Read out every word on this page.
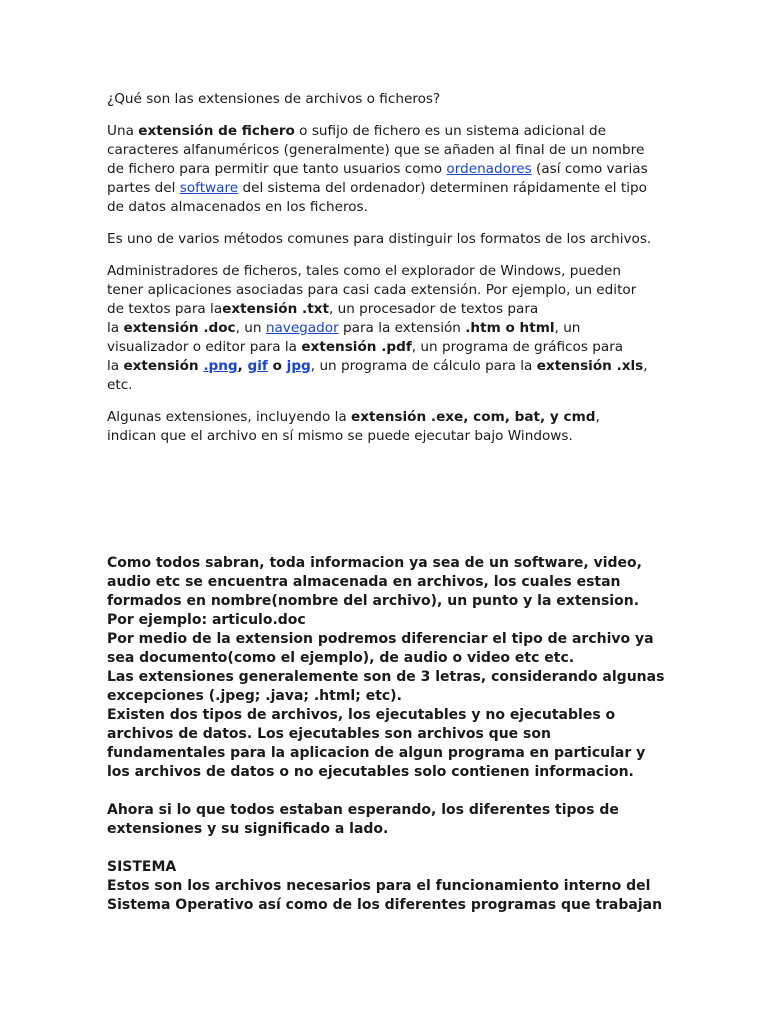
¿Qué son las extensiones de archivos o ficheros?

Una extensión de fichero o sufijo de fichero es un sistema adicional de
caracteres alfanuméricos (generalmente) que se añaden al final de un nombre
de fichero para permitir que tanto usuarios como ordenadores (así como varias
partes del software del sistema del ordenador) determinen rápidamente el tipo
de datos almacenados en los ficheros.

Es uno de varios métodos comunes para distinguir los formatos de los archivos.

Administradores de ficheros, tales como el explorador de Windows, pueden
tener aplicaciones asociadas para casi cada extensión. Por ejemplo, un editor
de textos para laextensión .txt, un procesador de textos para
la extensión .doc, un navegador para la extensión .htm o html, un
visualizador o editor para la extensión .pdf, un programa de gráficos para
la extensión .png, gif o jpg, un programa de cálculo para la extensión .xls,
etc.

Algunas extensiones, incluyendo la extensión .exe, com, bat, y cmd,
indican que el archivo en sí mismo se puede ejecutar bajo Windows.

Como todos sabran, toda informacion ya sea de un software, video,
audio etc se encuentra almacenada en archivos, los cuales estan
formados en nombre(nombre del archivo), un punto y la extension.
Por ejemplo: articulo.doc
Por medio de la extension podremos diferenciar el tipo de archivo ya
sea documento(como el ejemplo), de audio o video etc etc.
Las extensiones generalemente son de 3 letras, considerando algunas
excepciones (.jpeg; .java; .html; etc).
Existen dos tipos de archivos, los ejecutables y no ejecutables o
archivos de datos. Los ejecutables son archivos que son
fundamentales para la aplicacion de algun programa en particular y
los archivos de datos o no ejecutables solo contienen informacion.
Ahora si lo que todos estaban esperando, los diferentes tipos de
extensiones y su significado a lado.
SISTEMA
Estos son los archivos necesarios para el funcionamiento interno del
Sistema Operativo así como de los diferentes programas que trabajan
